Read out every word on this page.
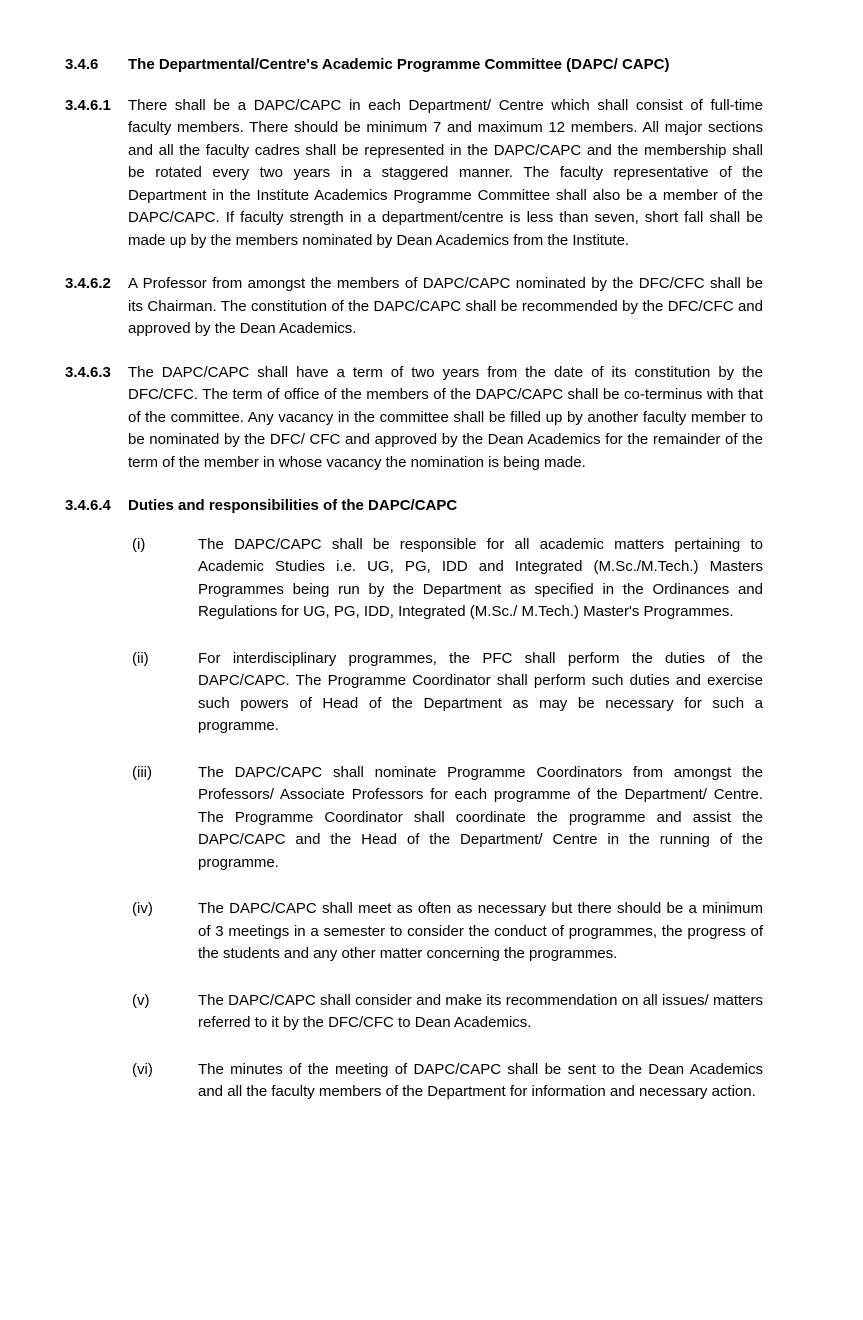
3.4.6	The Departmental/Centre's Academic Programme Committee (DAPC/ CAPC)
3.4.6.1	There shall be a DAPC/CAPC in each Department/ Centre which shall consist of full-time faculty members. There should be minimum 7 and maximum 12 members. All major sections and all the faculty cadres shall be represented in the DAPC/CAPC and the membership shall be rotated every two years in a staggered manner. The faculty representative of the Department in the Institute Academics Programme Committee shall also be a member of the DAPC/CAPC. If faculty strength in a department/centre is less than seven, short fall shall be made up by the members nominated by Dean Academics from the Institute.
3.4.6.2	A Professor from amongst the members of DAPC/CAPC nominated by the DFC/CFC shall be its Chairman. The constitution of the DAPC/CAPC shall be recommended by the DFC/CFC and approved by the Dean Academics.
3.4.6.3	The DAPC/CAPC shall have a term of two years from the date of its constitution by the DFC/CFC. The term of office of the members of the DAPC/CAPC shall be co-terminus with that of the committee. Any vacancy in the committee shall be filled up by another faculty member to be nominated by the DFC/ CFC and approved by the Dean Academics for the remainder of the term of the member in whose vacancy the nomination is being made.
3.4.6.4	Duties and responsibilities of the DAPC/CAPC
(i)	The DAPC/CAPC shall be responsible for all academic matters pertaining to Academic Studies i.e. UG, PG, IDD and Integrated (M.Sc./M.Tech.) Masters Programmes being run by the Department as specified in the Ordinances and Regulations for UG, PG, IDD, Integrated (M.Sc./ M.Tech.) Master's Programmes.
(ii)	For interdisciplinary programmes, the PFC shall perform the duties of the DAPC/CAPC. The Programme Coordinator shall perform such duties and exercise such powers of Head of the Department as may be necessary for such a programme.
(iii)	The DAPC/CAPC shall nominate Programme Coordinators from amongst the Professors/ Associate Professors for each programme of the Department/ Centre. The Programme Coordinator shall coordinate the programme and assist the DAPC/CAPC and the Head of the Department/ Centre in the running of the programme.
(iv)	The DAPC/CAPC shall meet as often as necessary but there should be a minimum of 3 meetings in a semester to consider the conduct of programmes, the progress of the students and any other matter concerning the programmes.
(v)	The DAPC/CAPC shall consider and make its recommendation on all issues/ matters referred to it by the DFC/CFC to Dean Academics.
(vi)	The minutes of the meeting of DAPC/CAPC shall be sent to the Dean Academics and all the faculty members of the Department for information and necessary action.
